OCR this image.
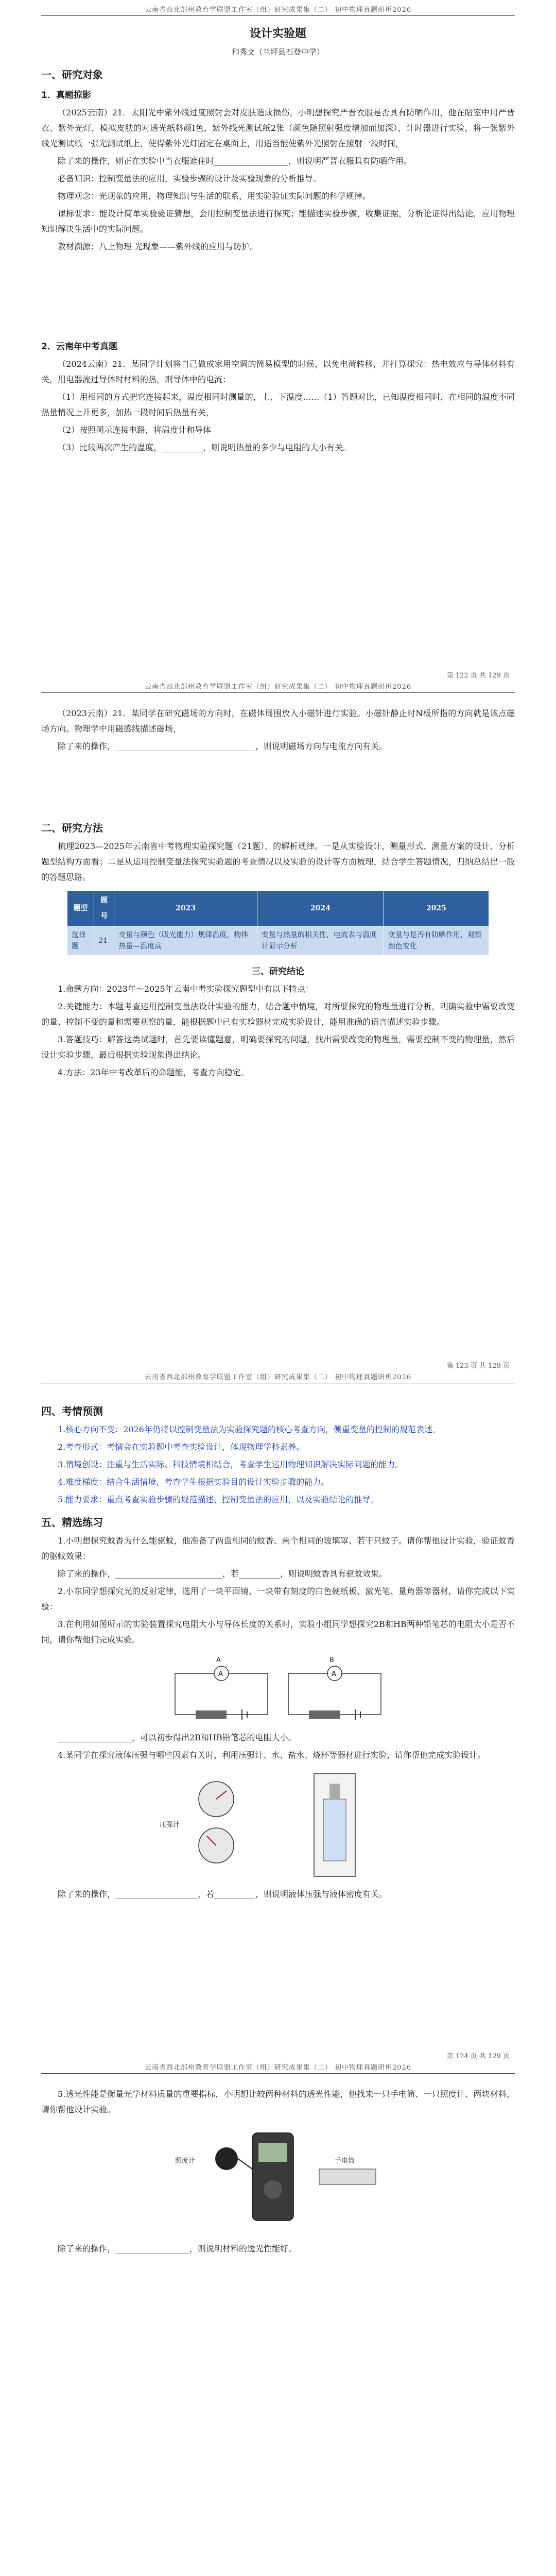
云南省西北部州教育学联盟工作室（组）研究成果集（二） 初中物理真题研析2026
第 122 页 共 129 页
云南省西北部州教育学联盟工作室（组）研究成果集（二） 初中物理真题研析2026
第 123 页 共 129 页
云南省西北部州教育学联盟工作室（组）研究成果集（二） 初中物理真题研析2026
第 124 页 共 129 页
云南省西北部州教育学联盟工作室（组）研究成果集（二） 初中物理真题研析2026
设计实验题
和秀文（兰坪县石登中学）
一、研究对象
1．真题掠影

（2025云南）21．太阳光中紫外线过度照射会对皮肤造成损伤，小明想探究严晋衣服是否具有防晒作用，他在暗室中用严晋衣、紫外光灯，模拟皮肤的对透光纸料颜Ⅰ色，紫外线光测试纸2张（颜色随照射强度增加而加深），计时器进行实验，将一张紫外线光测试纸一张光测试纸上，使得紫外光灯固定在桌面上，用适当能使紫外光照射在照射一段时间，

除了来的操作，则正在实验中当衣服遮住时__________________，则说明严晋衣服具有防晒作用。

必备知识：控制变量法的应用，实验步骤的设计及实验现象的分析推导。

物理观念：光现象的应用，物理知识与生活的联系，用实验验证实际问题的科学规律。

课标要求：能设计简单实验验证猜想，会用控制变量法进行探究；能描述实验步骤，收集证据，分析论证得出结论，应用物理知识解决生活中的实际问题。

教材溯源：八上物理 光现象——紫外线的应用与防护。

2．云南年中考真题

（2024云南）21．某同学计划将自己做成家用空调的简易模型的时候，以免电荷转移，并打算探究：热电效应与导体材料有关，用电器流过导体时材料的热，则导体中的电流：

（1）用相同的方式把它连接起来，温度相同时测量的，上、下温度……（1）答题对比，已知温度相同时，在相同的温度不同热量情况上升更多，加热一段时间后热量有关，

（2）按照图示连接电路，将温度计和导体

（3）比较两次产生的温度，__________，则说明热量的多少与电阻的大小有关。

（2023云南）21．某同学在研究磁场的方向时，在磁体周围放入小磁针进行实验。小磁针静止时N极所指的方向就是该点磁场方向。物理学中用磁感线描述磁场，

除了来的操作，__________________________________，则说明磁场方向与电流方向有关。

二、研究方法

梳理2023—2025年云南省中考物理实验探究题（21题），的解析规律。一是从实验设计、测量形式、测量方案的设计、分析题型结构方面看；二是从运用控制变量法探究实验题的考查情况以及实验的设计等方面梳理，结合学生答题情况，归纳总结出一般的答题思路。

题型	题号	2023	2024	2025
选择题	21	变量与颜色（吸光能力）规律温度，物体热量—温度高	变量与热量的相关性，电流表与温度计显示分析	变量与是否有防晒作用，观察颜色变化
三、研究结论

1.命题方向：2023年～2025年云南中考实验探究题型中有以下特点：

2.关键能力：本题考查运用控制变量法设计实验的能力，结合题中情境，对所要探究的物理量进行分析，明确实验中需要改变的量、控制不变的量和需要观察的量，能根据题中已有实验器材完成实验设计，能用准确的语言描述实验步骤。

3.答题技巧：解答这类试题时，首先要读懂题意，明确要探究的问题，找出需要改变的物理量，需要控制不变的物理量，然后设计实验步骤，最后根据实验现象得出结论。

4.方法：23年中考改革后的命题能，考查方向稳定。

四、考情预测

1.核心方向不变：2026年仍将以控制变量法为实验探究题的核心考查方向，侧重变量的控制的规范表述。

2.考查形式：考情会在实验题中考查实验设计，体现物理学科素养。

3.情境创设：注重与生活实际、科技情境相结合，考查学生运用物理知识解决实际问题的能力。

4.难度梯度：结合生活情境，考查学生根据实验目的设计实验步骤的能力。

5.能力要求：重点考查实验步骤的规范描述，控制变量法的应用，以及实验结论的推导。

五、精选练习

1.小明想探究蚊香为什么能驱蚊，他准备了两盘相同的蚊香、两个相同的玻璃罩、若干只蚊子。请你帮他设计实验，验证蚊香的驱蚊效果：

除了来的操作，__________________________，若__________，则说明蚊香具有驱蚊效果。

2.小东同学想探究光的反射定律，选用了一块平面镜、一块带有刻度的白色硬纸板、激光笔、量角器等器材，请你完成以下实验：

3.在利用如图所示的实验装置探究电阻大小与导体长度的关系时，实验小组同学想探究2B和HB两种铅笔芯的电阻大小是否不同，请你帮他们完成实验。

A	A
A	B

__________________，可以初步得出2B和HB铅笔芯的电阻大小。

4.某同学在探究液体压强与哪些因素有关时，利用压强计、水、盐水、烧杯等器材进行实验，请你帮他完成实验设计。

压强计

除了来的操作，____________________，若__________，则说明液体压强与液体密度有关。

5.透光性能是衡量光学材料质量的重要指标，小明想比较两种材料的透光性能，他找来一只手电筒、一只照度计、两块材料，请你帮他设计实验。

照度计	手电筒

除了来的操作，__________________，则说明材料的透光性能好。
